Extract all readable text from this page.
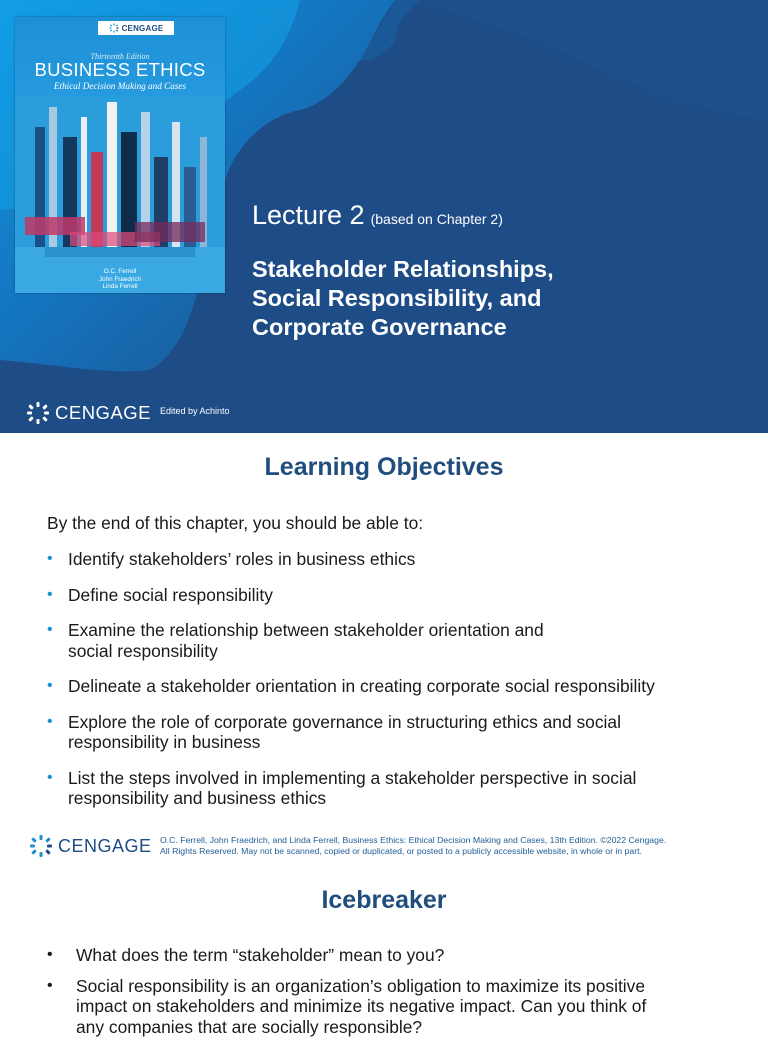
CENGAGE
Thirteenth Edition
BUSINESS ETHICS
Ethical Decision Making and Cases
O.C. Ferrell
John Fraedrich
Linda Ferrell
Lecture 2 (based on Chapter 2)
Stakeholder Relationships,
Social Responsibility, and
Corporate Governance
CENGAGE Edited by Achinto
Learning Objectives
By the end of this chapter, you should be able to:
• Identify stakeholders’ roles in business ethics
• Define social responsibility
• Examine the relationship between stakeholder orientation and
social responsibility
• Delineate a stakeholder orientation in creating corporate social responsibility
• Explore the role of corporate governance in structuring ethics and social
responsibility in business
• List the steps involved in implementing a stakeholder perspective in social
responsibility and business ethics
CENGAGE O.C. Ferrell, John Fraedrich, and Linda Ferrell, Business Ethics: Ethical Decision Making and Cases, 13th Edition. ©2022 Cengage.
All Rights Reserved. May not be scanned, copied or duplicated, or posted to a publicly accessible website, in whole or in part.
Icebreaker
• What does the term “stakeholder” mean to you?
• Social responsibility is an organization’s obligation to maximize its positive
impact on stakeholders and minimize its negative impact. Can you think of
any companies that are socially responsible?
